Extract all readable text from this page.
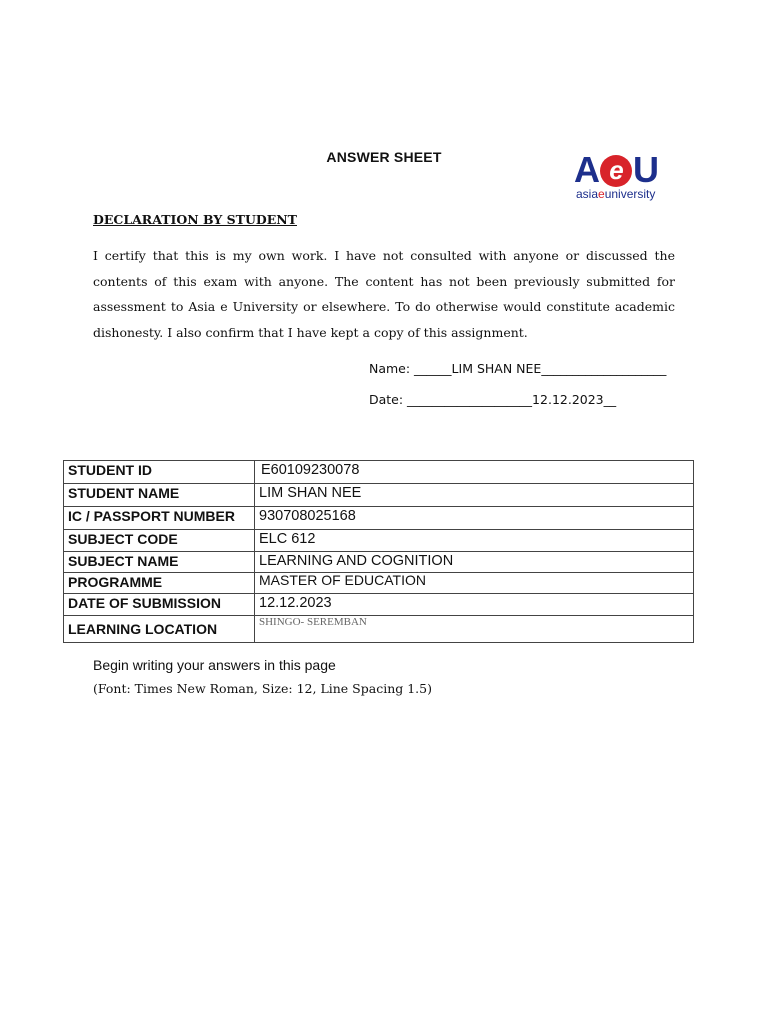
ANSWER SHEET	A e U
asiaeuniversity
DECLARATION BY STUDENT

I certify that this is my own work. I have not consulted with anyone or discussed the contents of this exam with anyone. The content has not been previously submitted for assessment to Asia e University or elsewhere. To do otherwise would constitute academic dishonesty. I also confirm that I have kept a copy of this assignment.

Name: ______LIM SHAN NEE____________________
Date: ____________________12.12.2023__
STUDENT ID	E60109230078
STUDENT NAME	LIM SHAN NEE
IC / PASSPORT NUMBER	930708025168
SUBJECT CODE	ELC 612
SUBJECT NAME	LEARNING AND COGNITION
PROGRAMME	MASTER OF EDUCATION
DATE OF SUBMISSION	12.12.2023
LEARNING LOCATION	SHINGO- SEREMBAN
Begin writing your answers in this page
(Font: Times New Roman, Size: 12, Line Spacing 1.5)
